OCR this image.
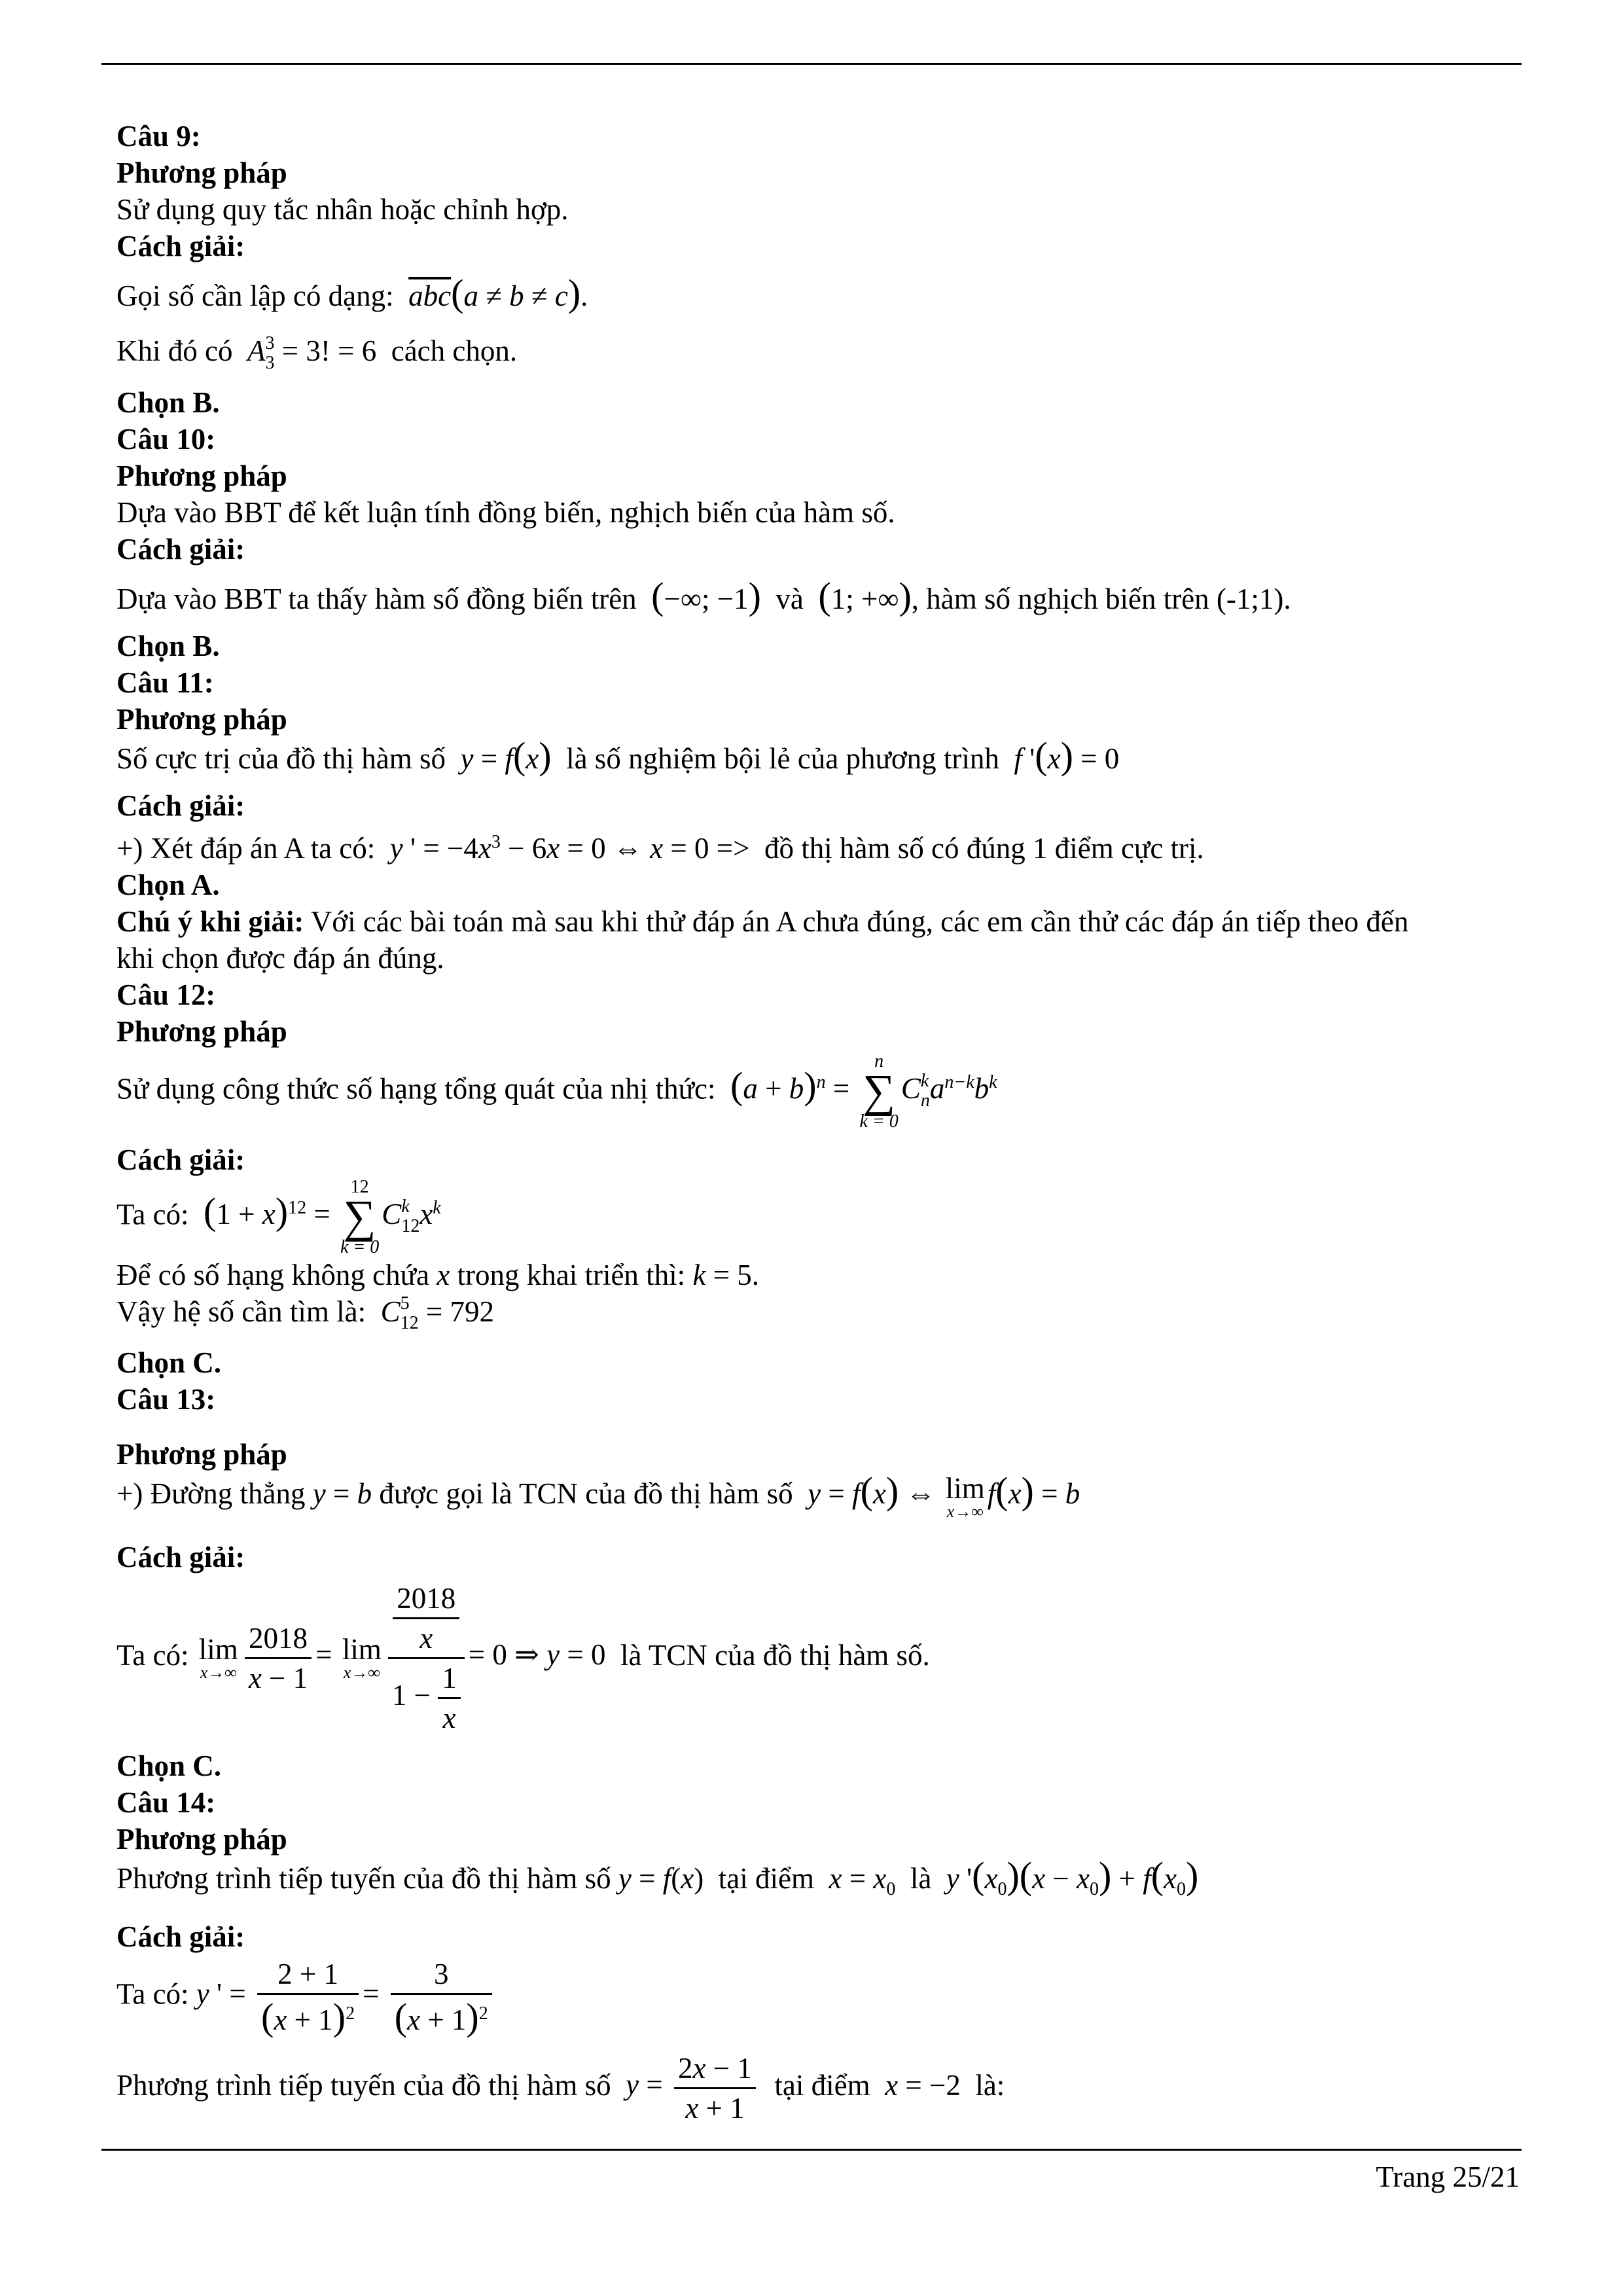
Câu 9:
Phương pháp
Sử dụng quy tắc nhân hoặc chỉnh hợp.
Cách giải:
Gọi số cần lập có dạng: $\overline{abc}(a \ne b \ne c)$.
Khi đó có A 3
3 = 3! = 6  cách chọn.
Chọn B.
Câu 10:
Phương pháp
Dựa vào BBT để kết luận tính đồng biến, nghịch biến của hàm số.
Cách giải:
Dựa vào BBT ta thấy hàm số đồng biến trên (−∞; −1) và (1; +∞), hàm số nghịch biến trên (-1;1).
Chọn B.
Câu 11:
Phương pháp
Số cực trị của đồ thị hàm số y = f(x) là số nghiệm bội lẻ của phương trình f '(x) = 0
Cách giải:
+) Xét đáp án A ta có: y ' = $-4x^3 - 6x = 0$ ⇔ x = 0 =>  đồ thị hàm số có đúng 1 điểm cực trị.
Chọn A.
Chú ý khi giải: Với các bài toán mà sau khi thử đáp án A chưa đúng, các em cần thử các đáp án tiếp theo đến
khi chọn được đáp án đúng.
Câu 12:
Phương pháp
Sử dụng công thức số hạng tổng quát của nhị thức: $(a + b)^n$ =
n
∑
k = 0
C k
n $a^{n-k}b^k$
Cách giải:
Ta có: $(1 + x)^{12}$ =
12
∑
k = 0
C k
12 $x^k$
Để có số hạng không chứa x trong khai triển thì: k = 5.
Vậy hệ số cần tìm là: C 5
12 = 792
Chọn C.
Câu 13:
Phương pháp
+) Đường thẳng y = b được gọi là TCN của đồ thị hàm số y = f(x) ⇔ lim
x→∞
f(x) = b
Cách giải:
Ta có: lim
$x\to\infty \frac{2018}{x - 1} = \lim$
$x\to\infty \frac{\frac{2018}{x}}{1 - \frac{1}{x}} = 0$ ⇒ y = 0  là TCN của đồ thị hàm số.
Chọn C.
Câu 14:
Phương pháp
Phương trình tiếp tuyến của đồ thị hàm số y = f(x)  tại điểm $x = x_0$ là y '$(x_0)(x - x_0) + f(x_0)$
Cách giải:
Ta có: y ' = $\frac{2 + 1}{(x + 1)^2} = \frac{3}{(x + 1)^2}$
Phương trình tiếp tuyến của đồ thị hàm số $y = \frac{2x - 1}{x + 1}$ tại điểm x = −2  là:
Trang 25/21
